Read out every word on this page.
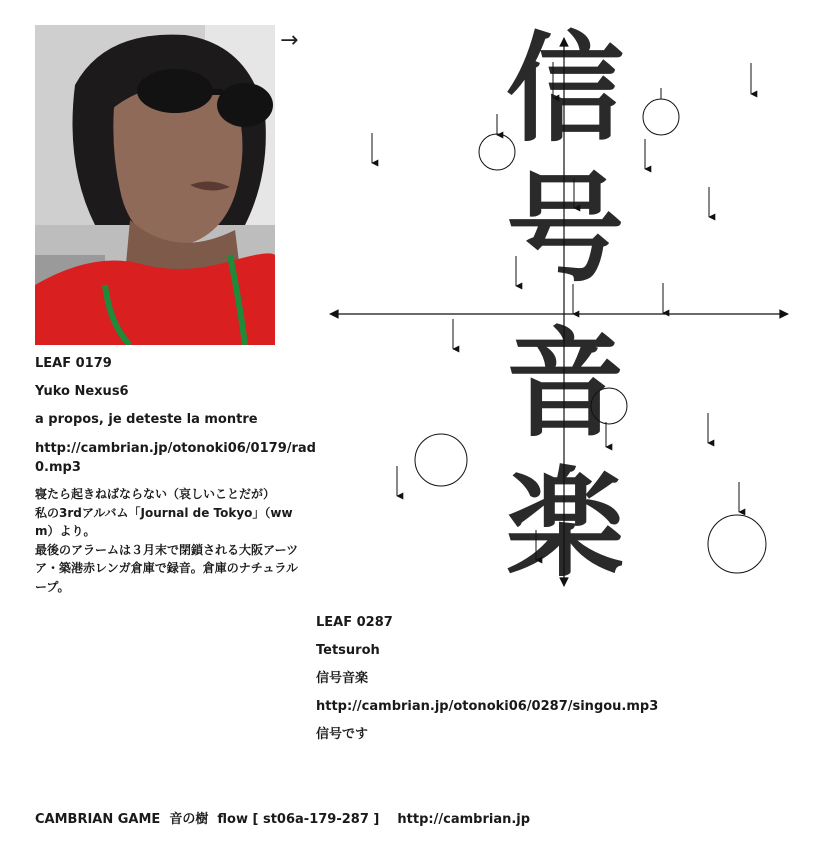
→
LEAF 0179
Yuko Nexus6
a propos, je deteste la montre
http://cambrian.jp/otonoki06/0179/rad
0.mp3
寝たら起きねばならない（哀しいことだが）
私の3rdアルバム「Journal de Tokyo」（ww
m）より。
最後のアラームは３月末で閉鎖される大阪アーツ
ア・築港赤レンガ倉庫で録音。倉庫のナチュラル
ープ。
信
号
音
楽
LEAF 0287
Tetsuroh
信号音楽
http://cambrian.jp/otonoki06/0287/singou.mp3
信号です
CAMBRIAN GAME  音の樹  flow [ st06a-179-287 ]    http://cambrian.jp
